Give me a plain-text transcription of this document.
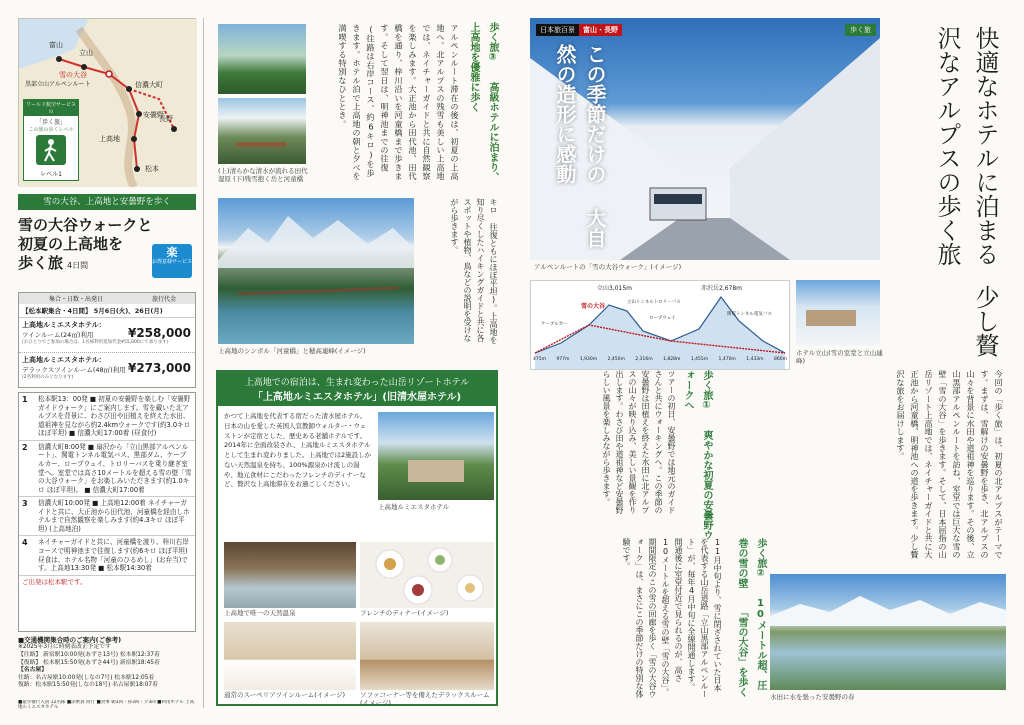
富山
立山
雪の大谷
信濃大町
長野
安曇野
上高地
松本
黒部立山アルペンルート
ワールド航空サービスの
「歩く旅」
この旅の歩くレベル
レベル1
雪の大谷、上高地と安曇野を歩く
雪の大谷ウォークと
初夏の上高地を
歩く旅 4日間
楽
お得意様サービス
集合・日数・出発日	旅行代金
【松本駅集合・4日間】 5月6日(火)、26日(月)
上高地ルミエスタホテル：
ツインルーム(24㎡)利用
(おひとりでご参加の場合は、1名様利用追加代金¥55,000にて承ります)
¥258,000
上高地ルミエスタホテル：
デラックスツインルーム(48㎡)利用
(2名利用のみとなります)
¥273,000
1	松本駅13：00発 ■ 初夏の安曇野を楽しむ「安曇野ガイドウォーク」にご案内します。雪を戴いた北アルプスを背景に、わさび田や田植えを終えた水田、道祖神を見ながら約2.4kmウォークです(約3.0キロ ほぼ平坦) ■ 信濃大町17:00着 (昼食付)
2	信濃大町8:00発 ■ 扇沢から「立山黒部アルペンルート」、関電トンネル電気バス、黒部ダム、ケーブルカー、ロープウェイ、トロリーバスを乗り継ぎ室堂へ。室堂では高さ10メートルを超える雪の壁「雪の大谷ウォーク」をお楽しみいただきます(約1.0キロ ほぼ平坦)。 ■ 信濃大町17:00着
3	信濃大町10:00発 ■ 上高地12:00着 ネイチャーガイドと共に、大正池から田代池、河童橋を経由しホテルまで自然観察を楽しみます(約4.3キロ ほぼ平坦) (上高地泊)
4	ネイチャーガイドと共に、河童橋を渡り、梓川右岸コースで明神池まで往復します(約6キロ ほぼ平坦) 昼食は、ホテル名物「河童のひるめし」(お弁当)です。上高地13:30発 ■ 松本駅14:30着
ご出発は松本駅です。
■交通機関集合時のご案内(ご参考)
※2025年3月に時刻表改正予定です
【往路】 新宿駅10:00発(あずさ13号) 松本駅12:37着
【復路】 松本駅15:50発(あずさ44号) 新宿駅18:45着
【名古屋】
往路：名古屋駅10:00発(しなの7号) 松本駅12:05着
復路：松本駅15:50発(しなの18号) 名古屋駅18:07着
■最少催行人員 12名様 ■添乗員 同行 ■食事 朝3回・昼3回・夕3回 ■利用ホテル 上高地ルミエスタホテル
(上)清らかな清水が流れる田代湿原 (下)残雪抱く岳と河童橋	アルペンルート滞在の後は、初夏の上高地へ。北アルプスの残雪も美しい上高地では、ネイチャーガイドと共に自然観察を楽しみます。大正池から田代池、田代橋を通り、梓川沿いを河童橋まで歩きます。そして翌日は、明神池までの往復(往路は右岸コース、約6キロ)を歩きます。ホテル泊で上高地の朝と夕べを満喫する特別なひととき。	歩く旅③ 高級ホテルに泊まり、 上高地を優雅に歩く
上高地のシンボル「河童橋」と穂高連峰(イメージ)
キロ 往復ともにほぼ平坦)。上高地を知り尽くしたハイキングガイドと共に各スポットや植物、鳥などの説明を受けながら歩きます。
上高地での宿泊は、生まれ変わった山岳リゾートホテル
「上高地ルミエスタホテル」(旧清水屋ホテル)
かつて上高地を代表する宿だった清水屋ホテル。日本の山を愛した英国人宣教師ウォルター・ウェストンが定宿とした、歴史ある老舗ホテルです。2014年に全面改装され、上高地ルミエスタホテルとして生まれ変わりました。上高地では2施設しかない天然温泉を持ち、100%源泉かけ流しの湯や、地元食材にこだわったフレンチのディナーなど、贅沢な上高地滞在をお過ごしください。
上高地ルミエスタホテル
上高地で唯一の天然温泉	フレンチのディナー(イメージ)
通常のスーペリアツインルーム(イメージ)	ソファコーナー等を備えたデラックスルーム(イメージ)
日本旅百景	富山・長野	歩く旅
この季節だけの 大自然の造形に感動
アルペンルートの「雪の大谷ウォーク」(イメージ)
快適なホテルに泊まる 少し贅沢なアルプスの歩く旅
立山3,015m	赤沢岳2,678m
雪の大谷
ケーブルカー
立山トンネルトロリーバス
ロープウェイ
関電トンネル電気バス
475m 977m 1,930m 2,450m 2,316m 1,828m 1,455m 1,470m 1,433m 860m
ホテル立山(雪の室堂と立山連峰)
今回の「歩く旅」は、初夏の北アルプスがテーマです。まずは、雪解けの安曇野を歩き、北アルプスの山々を背景に水田や道祖神を巡ります。その後、立山黒部アルペンルートを訪ね、室堂では巨大な雪の壁「雪の大谷」を歩きます。そして、日本屈指の山岳リゾート上高地では、ネイチャーガイドと共に大正池から河童橋、明神池への道を歩きます。少し贅沢な旅をお届けします。
歩く旅① 爽やかな初夏の安曇野ウォークへ
ツアーの初日、安曇野では地元のガイドさんと共にウォーキングへ。この季節の安曇野は田植えを終えた水田に北アルプスの山々が映り込み、美しい景観を作り出します。わさび田や道祖神など安曇野らしい風景を楽しみながら歩きます。
歩く旅② 10メートル超、圧巻の雪の壁 「雪の大谷」を歩く
11月中旬より、雪に閉ざされていた日本を代表する山岳道路「立山黒部アルペンルート」が、毎年4月中旬に全線開通します。開通後に室堂付近で見られるのが、高さ10メートルを超える雪の壁「雪の大谷」。期間限定のこの雪の回廊を歩く「雪の大谷ウォーク」は、まさにこの季節だけの特別な体験です。
水田に水を張った安曇野の春
